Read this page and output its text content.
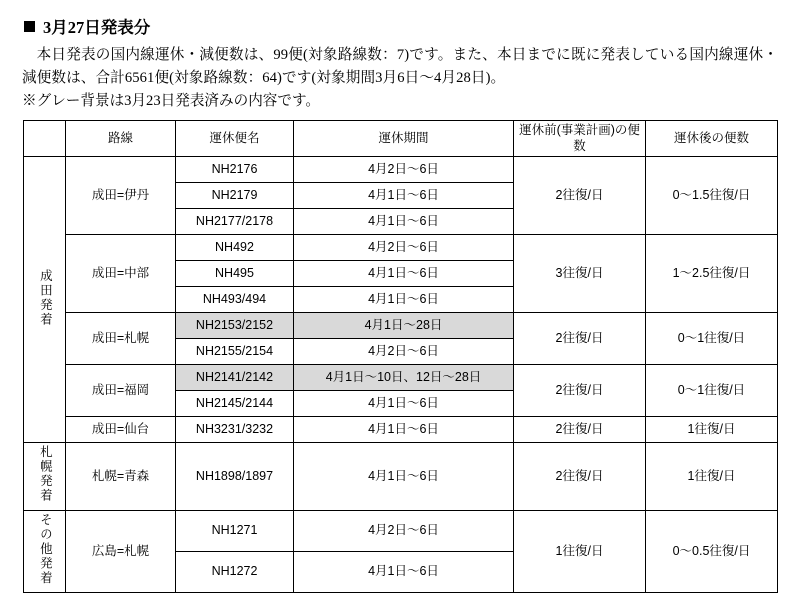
3月27日発表分

本日発表の国内線運休・減便数は、99便(対象路線数：7)です。また、本日までに既に発表している国内線運休・減便数は、合計6561便(対象路線数：64)です(対象期間3月6日～4月28日)。

※グレー背景は3月23日発表済みの内容です。

	路線	運休便名	運休期間	運休前(事業計画)の便数	運休後の便数
成田発着	成田=伊丹	NH2176	4月2日～6日	2往復/日	0～1.5往復/日
		NH2179	4月1日～6日		
		NH2177/2178	4月1日～6日		
	成田=中部	NH492	4月2日～6日	3往復/日	1～2.5往復/日
		NH495	4月1日～6日		
		NH493/494	4月1日～6日		
	成田=札幌	NH2153/2152	4月1日～28日	2往復/日	0～1往復/日
		NH2155/2154	4月2日～6日		
	成田=福岡	NH2141/2142	4月1日～10日、12日～28日	2往復/日	0～1往復/日
		NH2145/2144	4月1日～6日		
	成田=仙台	NH3231/3232	4月1日～6日	2往復/日	1往復/日
札幌発着	札幌=青森	NH1898/1897	4月1日～6日	2往復/日	1往復/日
その他発着	広島=札幌	NH1271	4月2日～6日	1往復/日	0～0.5往復/日
		NH1272	4月1日～6日		
